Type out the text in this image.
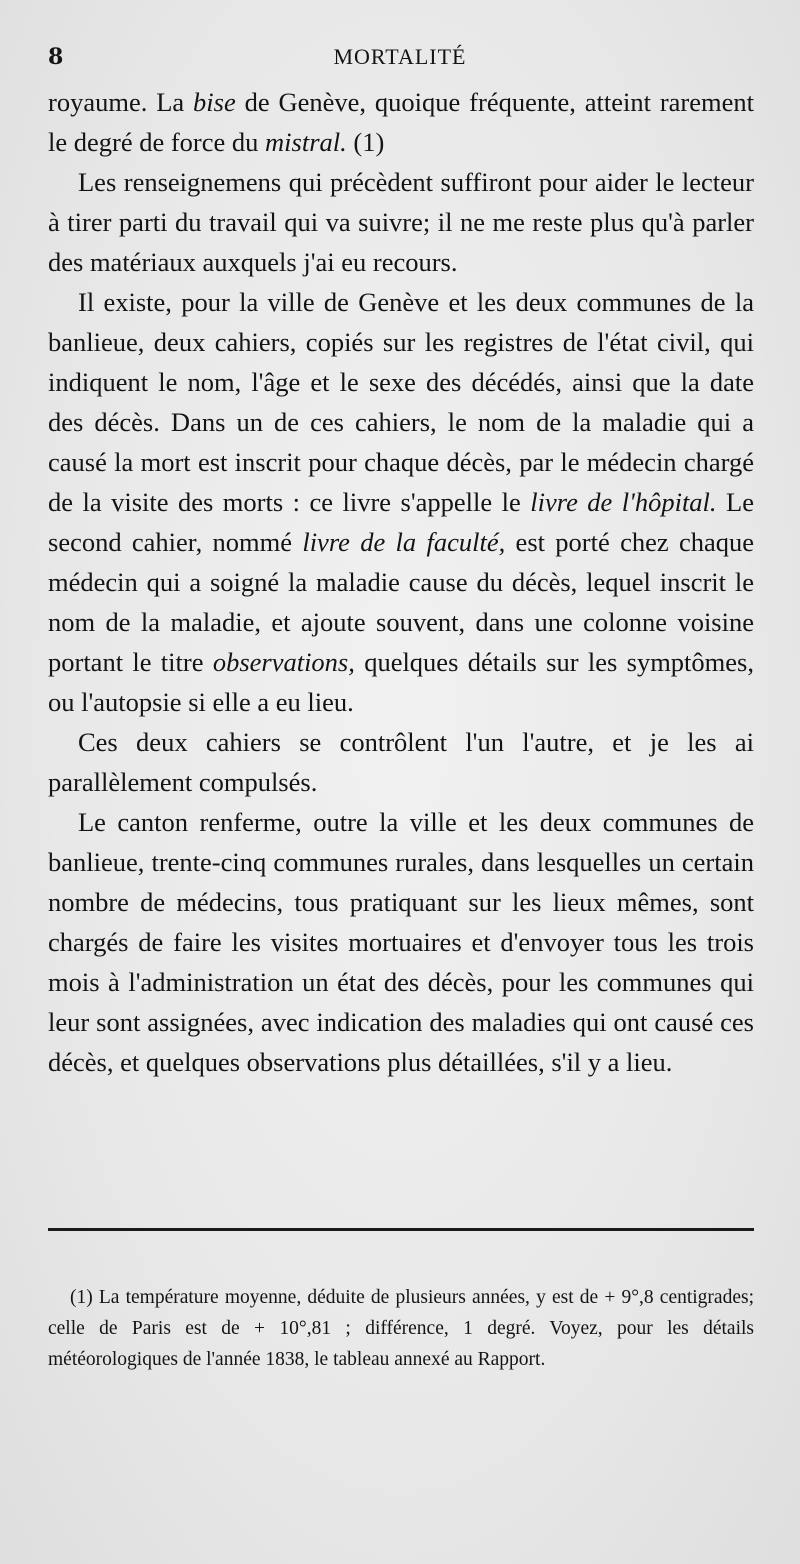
8	MORTALITÉ

royaume. La bise de Genève, quoique fréquente, atteint rarement le degré de force du mistral. (1)

Les renseignemens qui précèdent suffiront pour aider le lecteur à tirer parti du travail qui va suivre; il ne me reste plus qu'à parler des matériaux auxquels j'ai eu recours.

Il existe, pour la ville de Genève et les deux communes de la banlieue, deux cahiers, copiés sur les registres de l'état civil, qui indiquent le nom, l'âge et le sexe des décédés, ainsi que la date des décès. Dans un de ces cahiers, le nom de la maladie qui a causé la mort est inscrit pour chaque décès, par le médecin chargé de la visite des morts : ce livre s'appelle le livre de l'hôpital. Le second cahier, nommé livre de la faculté, est porté chez chaque médecin qui a soigné la maladie cause du décès, lequel inscrit le nom de la maladie, et ajoute souvent, dans une colonne voisine portant le titre observations, quelques détails sur les symptômes, ou l'autopsie si elle a eu lieu.

Ces deux cahiers se contrôlent l'un l'autre, et je les ai parallèlement compulsés.

Le canton renferme, outre la ville et les deux communes de banlieue, trente-cinq communes rurales, dans lesquelles un certain nombre de médecins, tous pratiquant sur les lieux mêmes, sont chargés de faire les visites mortuaires et d'envoyer tous les trois mois à l'administration un état des décès, pour les communes qui leur sont assignées, avec indication des maladies qui ont causé ces décès, et quelques observations plus détaillées, s'il y a lieu.

(1) La température moyenne, déduite de plusieurs années, y est de + 9°,8 centigrades; celle de Paris est de + 10°,81 ; différence, 1 degré. Voyez, pour les détails météorologiques de l'année 1838, le tableau annexé au Rapport.
